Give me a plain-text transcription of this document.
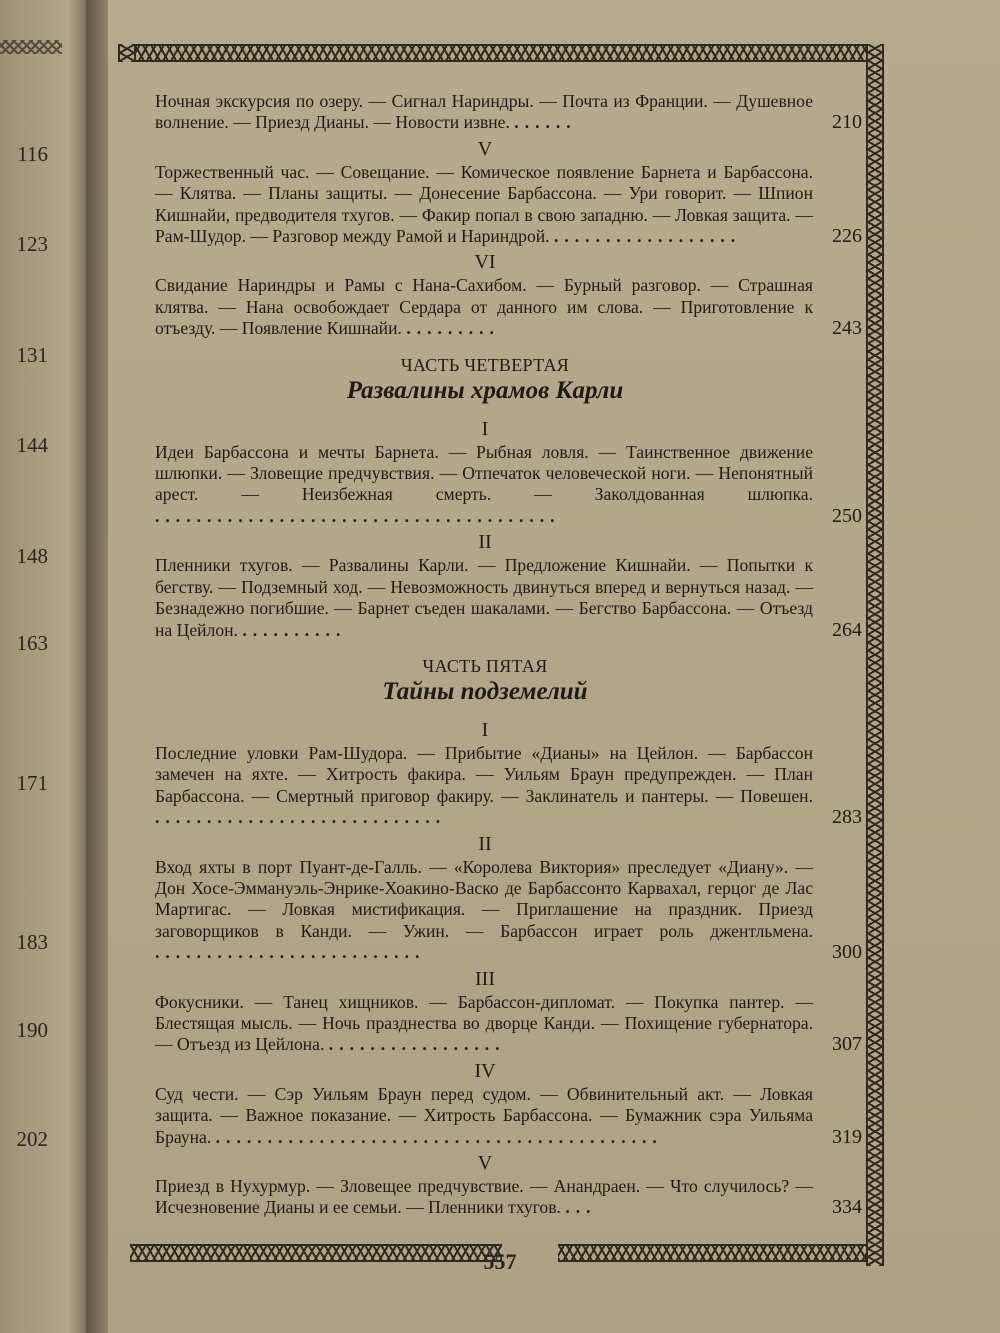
116
123
131
144
148
163
171
183
190
202
Ночная экскурсия по озеру. — Сигнал Нариндры. — Почта из Франции. — Душевное волнение. — Приезд Дианы. — Новости извне. ......	210
V
Торжественный час. — Совещание. — Комическое появление Барнета и Барбассона. — Клятва. — Планы защиты. — Донесение Барбассона. — Ури говорит. — Шпион Кишнайи, предводителя тхугов. — Факир попал в свою западню. — Ловкая защита. — Рам-Шудор. — Разговор между Рамой и Нариндрой. ..................	226
VI
Свидание Нариндры и Рамы с Нана-Сахибом. — Бурный разговор. — Страшная клятва. — Нана освобождает Сердара от данного им слова. — Приготовление к отъезду. — Появление Кишнайи. .........	243
ЧАСТЬ ЧЕТВЕРТАЯ
Развалины храмов Карли
I
Идеи Барбассона и мечты Барнета. — Рыбная ловля. — Таинственное движение шлюпки. — Зловещие предчувствия. — Отпечаток человеческой ноги. — Непонятный арест. — Неизбежная смерть. — Заколдованная шлюпка. .......................................	250
II
Пленники тхугов. — Развалины Карли. — Предложение Кишнайи. — Попытки к бегству. — Подземный ход. — Невозможность двинуться вперед и вернуться назад. — Безнадежно погибшие. — Барнет съеден шакалами. — Бегство Барбассона. — Отъезд на Цейлон. ..........	264
ЧАСТЬ ПЯТАЯ
Тайны подземелий
I
Последние уловки Рам-Шудора. — Прибытие «Дианы» на Цейлон. — Барбассон замечен на яхте. — Хитрость факира. — Уильям Браун предупрежден. — План Барбассона. — Смертный приговор факиру. — Заклинатель и пантеры. — Повешен. ............................	283
II
Вход яхты в порт Пуант-де-Галль. — «Королева Виктория» преследует «Диану». — Дон Хосе-Эммануэль-Энрике-Хоакино-Васко де Барбассонто Карвахал, герцог де Лас Мартигас. — Ловкая мистификация. — Приглашение на праздник. Приезд заговорщиков в Канди. — Ужин. — Барбассон играет роль джентльмена. ..........................	300
III
Фокусники. — Танец хищников. — Барбассон-дипломат. — Покупка пантер. — Блестящая мысль. — Ночь празднества во дворце Канди. — Похищение губернатора. — Отъезд из Цейлона. .................	307
IV
Суд чести. — Сэр Уильям Браун перед судом. — Обвинительный акт. — Ловкая защита. — Важное показание. — Хитрость Барбассона. — Бумажник сэра Уильяма Брауна. ...........................................	319
V
Приезд в Нухурмур. — Зловещее предчувствие. — Анандраен. — Что случилось? — Исчезновение Дианы и ее семьи. — Пленники тхугов. ...	334
557
